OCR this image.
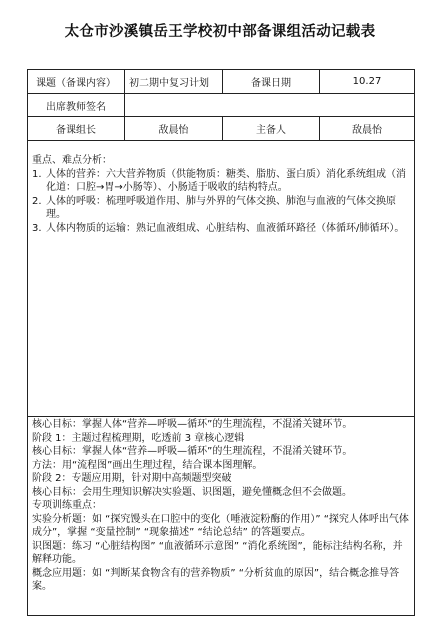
太仓市沙溪镇岳王学校初中部备课组活动记载表
课题（备课内容）	初二期中复习计划	备课日期	10.27
出席教师签名
备课组长	敌晨怡	主备人	敌晨怡
重点、难点分析：
1. 人体的营养：六大营养物质（供能物质：糖类、脂肪、蛋白质）消化系统组成（消化道：口腔→胃→小肠等）、小肠适于吸收的结构特点。
2. 人体的呼吸：梳理呼吸道作用、肺与外界的气体交换、肺泡与血液的气体交换原理。
3. 人体内物质的运输：熟记血液组成、心脏结构、血液循环路径（体循环/肺循环）。
核心目标：掌握人体“营养—呼吸—循环”的生理流程，不混淆关键环节。
阶段 1：主题过程梳理期，吃透前 3 章核心逻辑
核心目标：掌握人体“营养—呼吸—循环”的生理流程，不混淆关键环节。
方法：用“流程图”画出生理过程，结合课本图理解。
阶段 2：专题应用期，针对期中高频题型突破
核心目标：会用生理知识解决实验题、识图题，避免懂概念但不会做题。
专项训练重点：
实验分析题：如 “探究馒头在口腔中的变化（唾液淀粉酶的作用）” “探究人体呼出气体成分”，掌握 “变量控制” “现象描述” “结论总结” 的答题要点。
识图题：练习 “心脏结构图” “血液循环示意图” “消化系统图”，能标注结构名称，并解释功能。
概念应用题：如 “判断某食物含有的营养物质” “分析贫血的原因”，结合概念推导答案。
